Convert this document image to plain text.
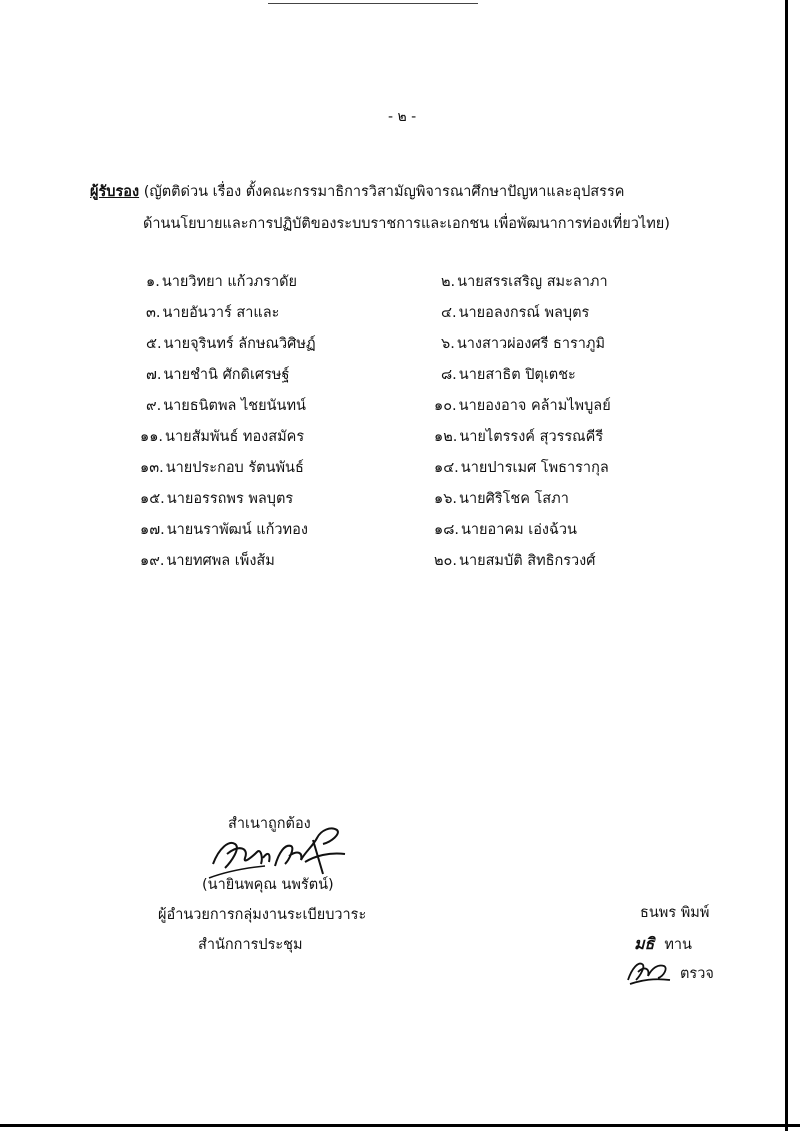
- ๒ -
ผู้รับรอง (ญัตติด่วน เรื่อง ตั้งคณะกรรมาธิการวิสามัญพิจารณาศึกษาปัญหาและอุปสรรค
ด้านนโยบายและการปฏิบัติของระบบราชการและเอกชน เพื่อพัฒนาการท่องเที่ยวไทย)
๑. นายวิทยา แก้วภราดัย	๒. นายสรรเสริญ สมะลาภา
๓. นายอันวาร์ สาและ	๔. นายอลงกรณ์ พลบุตร
๕. นายจุรินทร์ ลักษณวิศิษฏ์	๖. นางสาวผ่องศรี ธาราภูมิ
๗. นายชำนิ ศักดิเศรษฐ์	๘. นายสาธิต ปิตุเตชะ
๙. นายธนิตพล ไชยนันทน์	๑๐. นายองอาจ คล้ามไพบูลย์
๑๑. นายสัมพันธ์ ทองสมัคร	๑๒. นายไตรรงค์ สุวรรณคีรี
๑๓. นายประกอบ รัตนพันธ์	๑๔. นายปารเมศ โพธารากุล
๑๕. นายอรรถพร พลบุตร	๑๖. นายศิริโชค โสภา
๑๗. นายนราพัฒน์ แก้วทอง	๑๘. นายอาคม เอ่งฉ้วน
๑๙. นายทศพล เพ็งส้ม	๒๐. นายสมบัติ สิทธิกรวงศ์
สำเนาถูกต้อง
(นายินพคุณ นพรัตน์)
ผู้อำนวยการกลุ่มงานระเบียบวาระ
สำนักการประชุม
ธนพร พิมพ์
มธิ ทาน
ตรวจ
